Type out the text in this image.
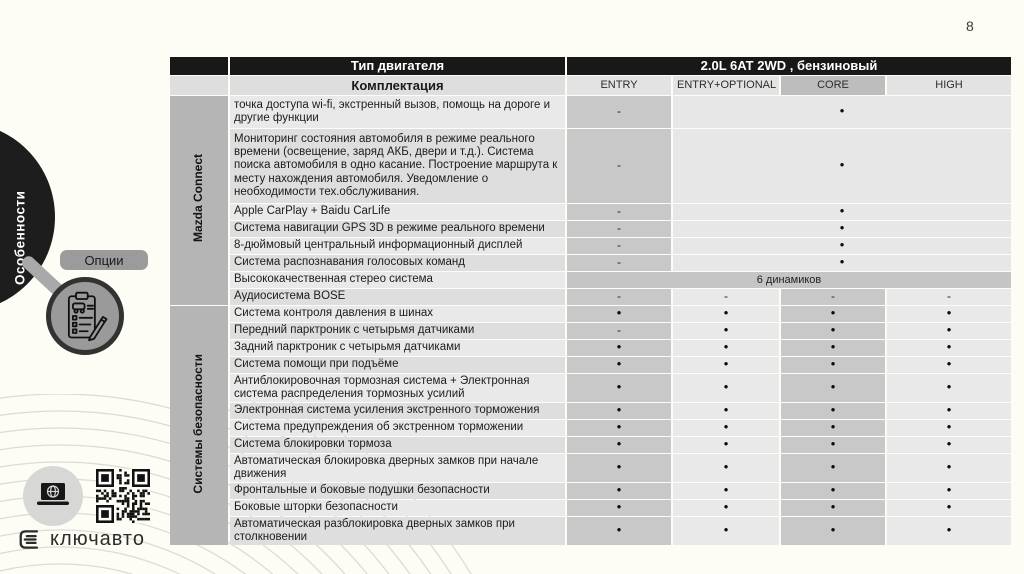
8
Особенности	Опции
ключавто
	Тип двигателя	2.0L 6AT 2WD , бензиновый			
	Комплектация	ENTRY	ENTRY+OPTIONAL	CORE	HIGH
Mazda Connect	точка доступа wi-fi, экстренный вызов, помощь на дороге и другие функции	-	•		
	Мониторинг состояния автомобиля в режиме реального времени (освещение, заряд АКБ, двери и т.д.). Система поиска автомобиля в одно касание. Построение маршрута к месту нахождения автомобиля. Уведомление о необходимости тех.обслуживания.	-	•		
	Apple CarPlay + Baidu CarLife	-	•		
	Система навигации GPS 3D в режиме реального времени	-	•		
	8-дюймовый центральный информационный дисплей	-	•		
	Система распознавания голосовых команд	-	•		
	Высококачественная стерео система	6 динамиков			
	Аудиосистема BOSE	-	-	-	-
Системы безопасности	Система контроля давления в шинах	•	•	•	•
	Передний парктроник с четырьмя датчиками	-	•	•	•
	Задний парктроник с четырьмя датчиками	•	•	•	•
	Система помощи при подъёме	•	•	•	•
	Антиблокировочная тормозная система + Электронная система распределения тормозных усилий	•	•	•	•
	Электронная система усиления экстренного торможения	•	•	•	•
	Система предупреждения об экстренном торможении	•	•	•	•
	Система блокировки тормоза	•	•	•	•
	Автоматическая блокировка дверных замков при начале движения	•	•	•	•
	Фронтальные и боковые подушки безопасности	•	•	•	•
	Боковые шторки безопасности	•	•	•	•
	Автоматическая разблокировка дверных замков при столкновении	•	•	•	•
